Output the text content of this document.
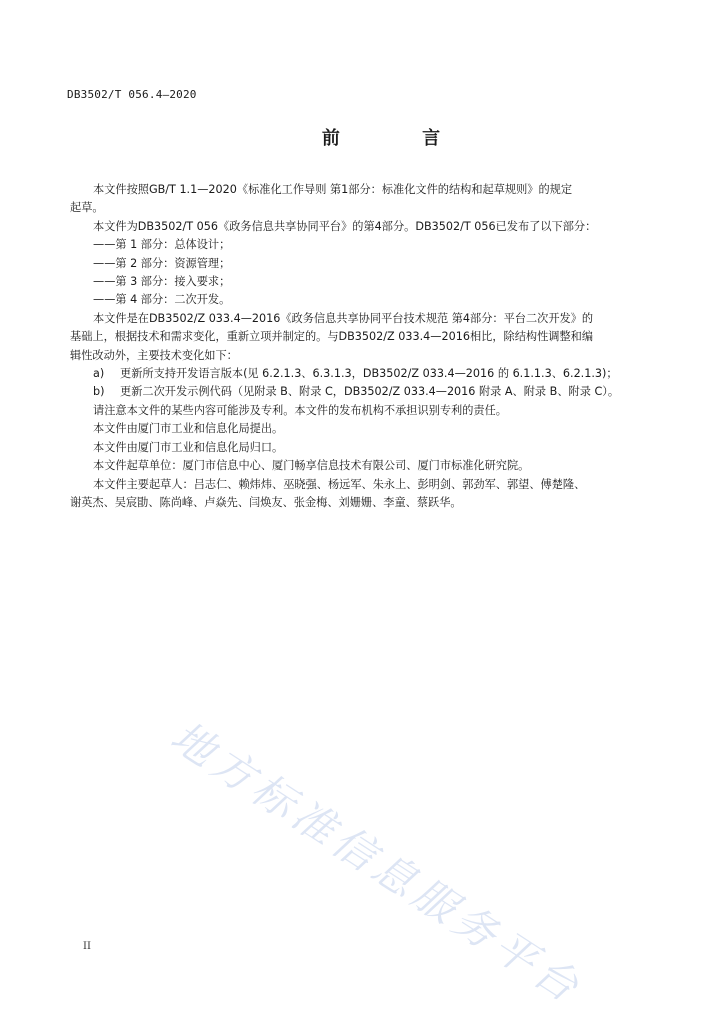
DB3502/T 056.4—2020
前 言

本文件按照GB/T 1.1—2020《标准化工作导则 第1部分：标准化文件的结构和起草规则》的规定

起草。

本文件为DB3502/T 056《政务信息共享协同平台》的第4部分。DB3502/T 056已发布了以下部分：

——第 1 部分：总体设计；

——第 2 部分：资源管理；

——第 3 部分：接入要求；

——第 4 部分：二次开发。

本文件是在DB3502/Z 033.4—2016《政务信息共享协同平台技术规范 第4部分：平台二次开发》的

基础上，根据技术和需求变化，重新立项并制定的。与DB3502/Z 033.4—2016相比，除结构性调整和编

辑性改动外，主要技术变化如下：

a) 更新所支持开发语言版本(见 6.2.1.3、6.3.1.3，DB3502/Z 033.4—2016 的 6.1.1.3、6.2.1.3)；

b) 更新二次开发示例代码（见附录 B、附录 C，DB3502/Z 033.4—2016 附录 A、附录 B、附录 C）。

请注意本文件的某些内容可能涉及专利。本文件的发布机构不承担识别专利的责任。

本文件由厦门市工业和信息化局提出。

本文件由厦门市工业和信息化局归口。

本文件起草单位：厦门市信息中心、厦门畅享信息技术有限公司、厦门市标准化研究院。

本文件主要起草人：吕志仁、赖炜炜、巫晓强、杨远军、朱永上、彭明剑、郭劲军、郭望、傅楚隆、

谢英杰、吴宸勖、陈尚峰、卢焱先、闫焕友、张金梅、刘姗姗、李童、蔡跃华。

地方标准信息服务平台
II
